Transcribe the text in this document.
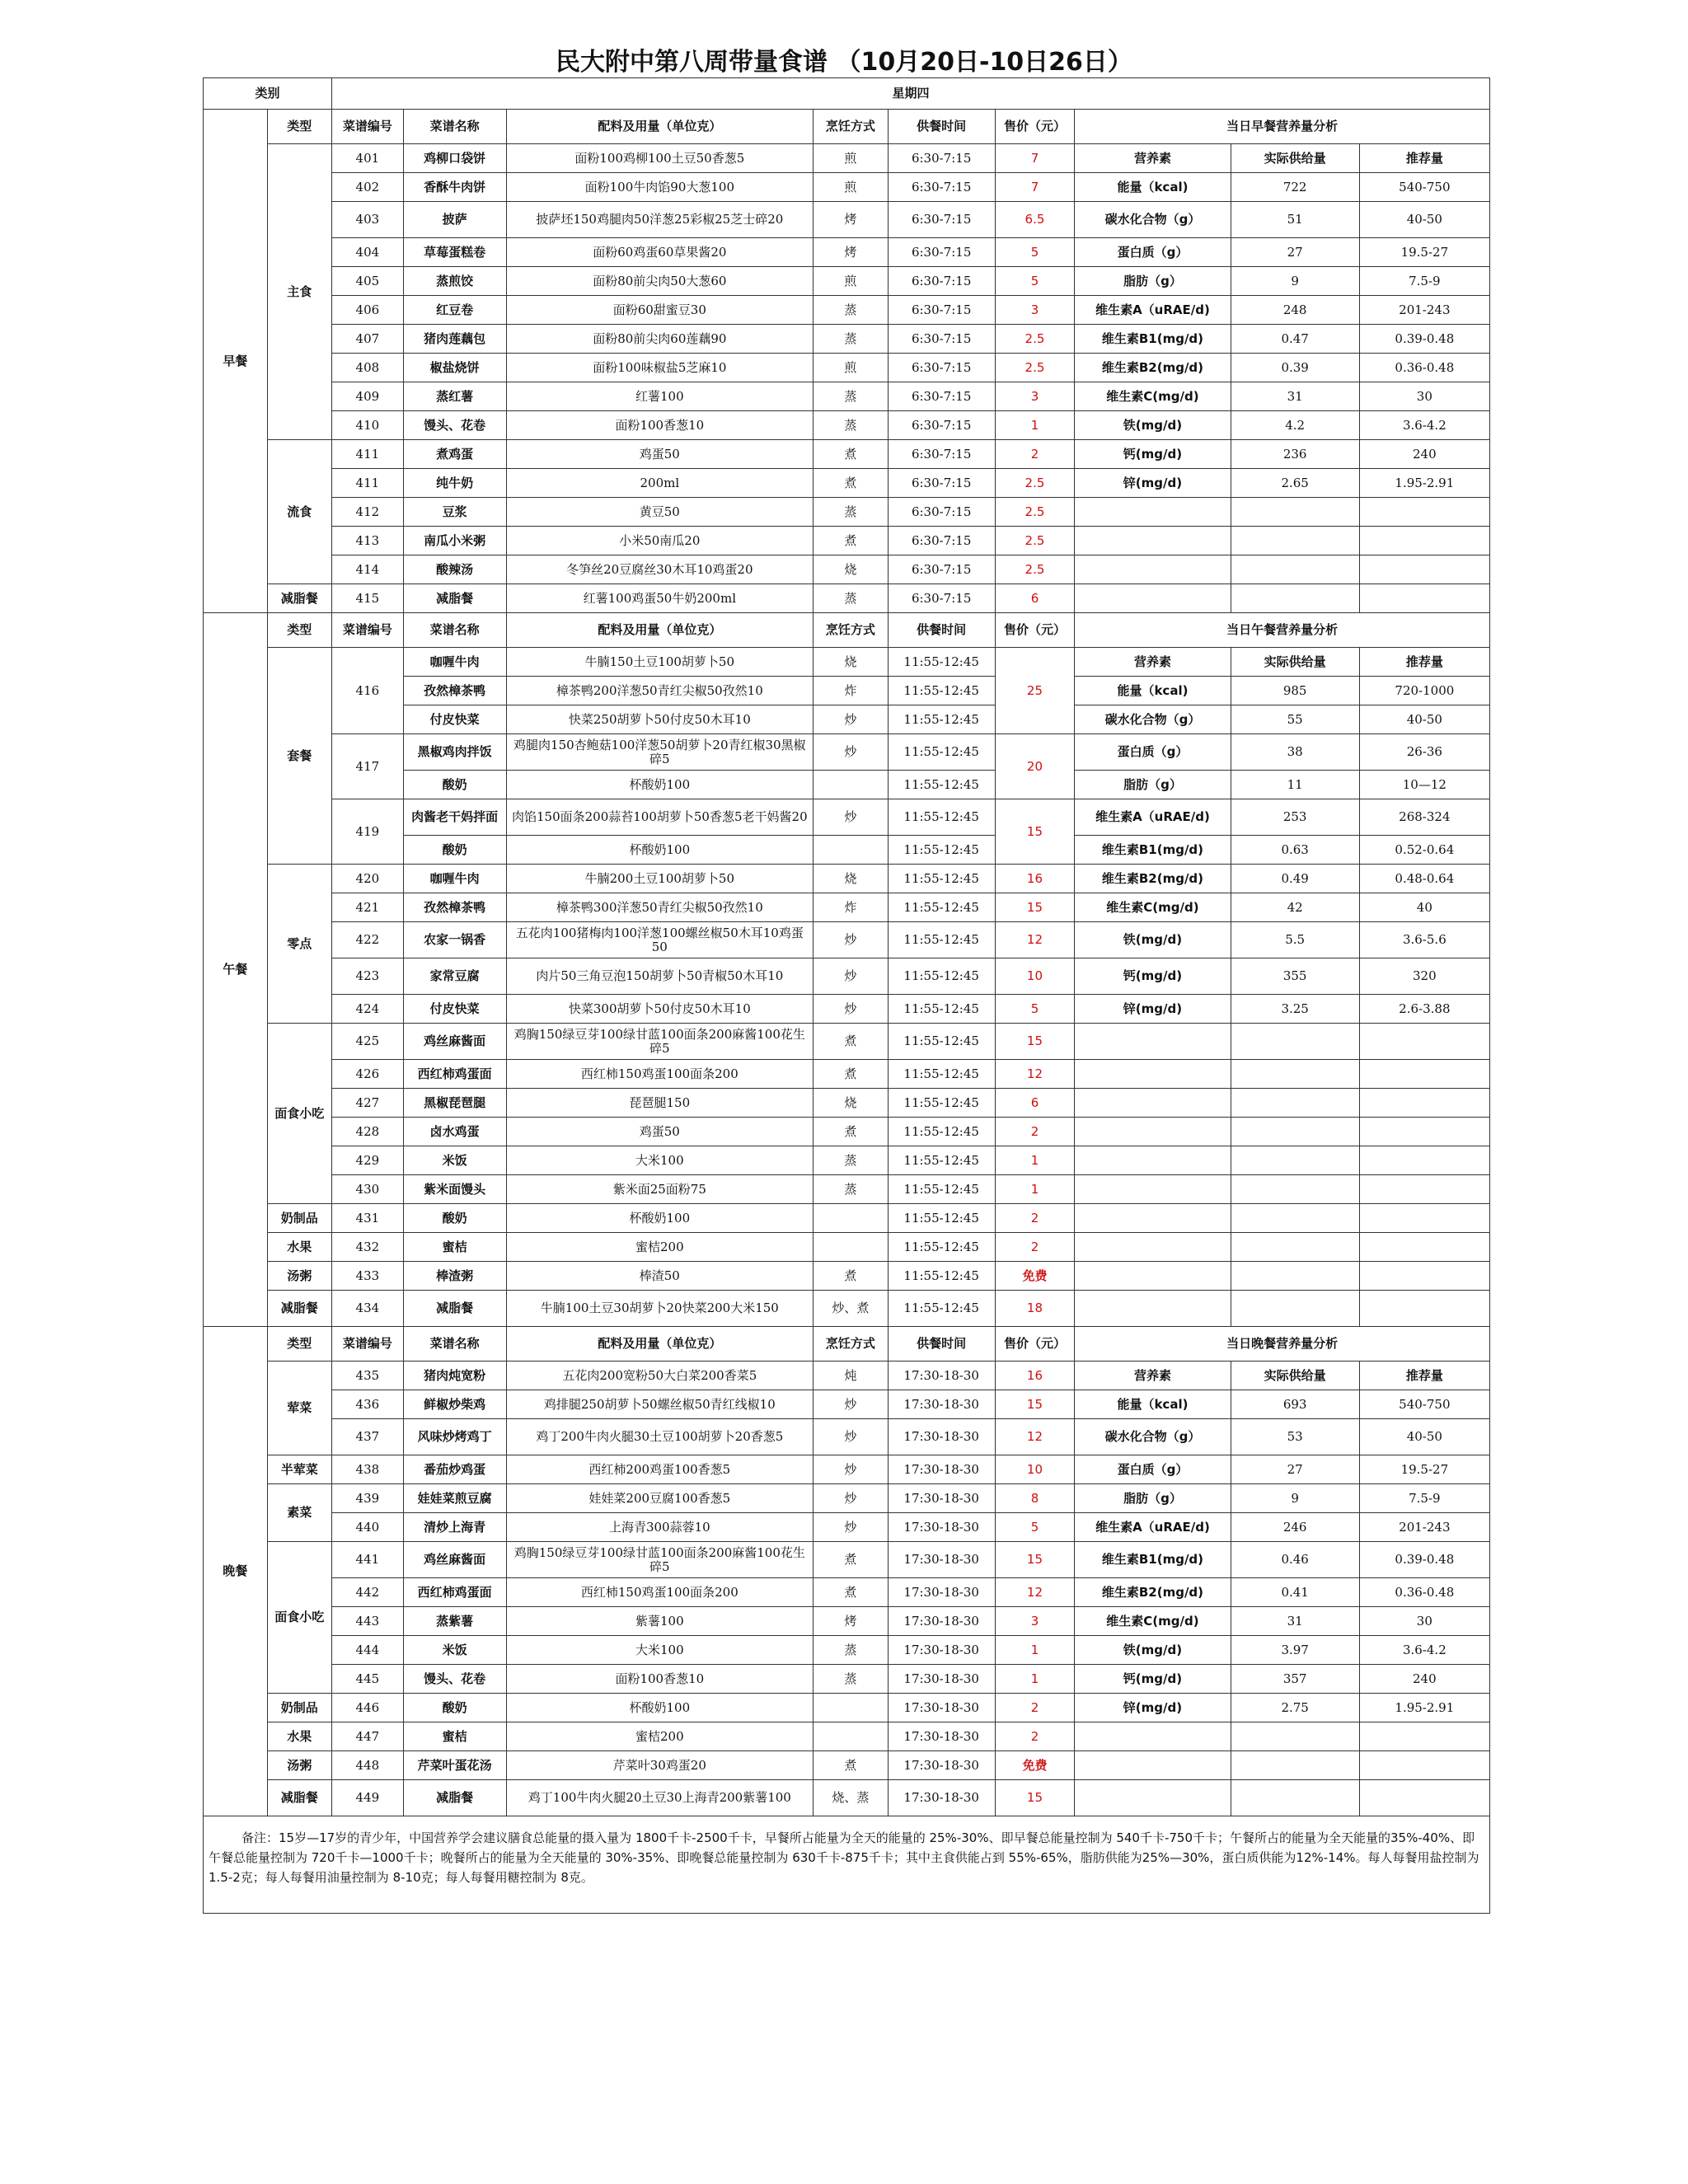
民大附中第八周带量食谱 （10月20日-10日26日）
类别		星期四								
早餐	类型	菜谱编号	菜谱名称	配料及用量（单位克）	烹饪方式	供餐时间	售价（元）	当日早餐营养量分析		
	主食	401	鸡柳口袋饼	面粉100鸡柳100土豆50香葱5	煎	6:30-7:15	7	营养素	实际供给量	推荐量
		402	香酥牛肉饼	面粉100牛肉馅90大葱100	煎	6:30-7:15	7	能量（kcal)	722	540-750
		403	披萨	披萨坯150鸡腿肉50洋葱25彩椒25芝士碎20	烤	6:30-7:15	6.5	碳水化合物（g）	51	40-50
		404	草莓蛋糕卷	面粉60鸡蛋60草果酱20	烤	6:30-7:15	5	蛋白质（g）	27	19.5-27
		405	蒸煎饺	面粉80前尖肉50大葱60	煎	6:30-7:15	5	脂肪（g）	9	7.5-9
		406	红豆卷	面粉60甜蜜豆30	蒸	6:30-7:15	3	维生素A（uRAE/d)	248	201-243
		407	猪肉莲藕包	面粉80前尖肉60莲藕90	蒸	6:30-7:15	2.5	维生素B1(mg/d)	0.47	0.39-0.48
		408	椒盐烧饼	面粉100味椒盐5芝麻10	煎	6:30-7:15	2.5	维生素B2(mg/d)	0.39	0.36-0.48
		409	蒸红薯	红薯100	蒸	6:30-7:15	3	维生素C(mg/d)	31	30
		410	馒头、花卷	面粉100香葱10	蒸	6:30-7:15	1	铁(mg/d)	4.2	3.6-4.2
	流食	411	煮鸡蛋	鸡蛋50	煮	6:30-7:15	2	钙(mg/d)	236	240
		411	纯牛奶	200ml	煮	6:30-7:15	2.5	锌(mg/d)	2.65	1.95-2.91
		412	豆浆	黄豆50	蒸	6:30-7:15	2.5			
		413	南瓜小米粥	小米50南瓜20	煮	6:30-7:15	2.5			
		414	酸辣汤	冬笋丝20豆腐丝30木耳10鸡蛋20	烧	6:30-7:15	2.5			
	减脂餐	415	减脂餐	红薯100鸡蛋50牛奶200ml	蒸	6:30-7:15	6			
午餐	类型	菜谱编号	菜谱名称	配料及用量（单位克）	烹饪方式	供餐时间	售价（元）	当日午餐营养量分析		
	套餐	416	咖喱牛肉	牛腩150土豆100胡萝卜50	烧	11:55-12:45	25	营养素	实际供给量	推荐量
			孜然樟茶鸭	樟茶鸭200洋葱50青红尖椒50孜然10	炸	11:55-12:45		能量（kcal)	985	720-1000
			付皮快菜	快菜250胡萝卜50付皮50木耳10	炒	11:55-12:45		碳水化合物（g）	55	40-50
		417	黑椒鸡肉拌饭	鸡腿肉150杏鲍菇100洋葱50胡萝卜20青红椒30黑椒碎5	炒	11:55-12:45	20	蛋白质（g）	38	26-36
			酸奶	杯酸奶100		11:55-12:45		脂肪（g）	11	10—12
		419	肉酱老干妈拌面	肉馅150面条200蒜苔100胡萝卜50香葱5老干妈酱20	炒	11:55-12:45	15	维生素A（uRAE/d)	253	268-324
			酸奶	杯酸奶100		11:55-12:45		维生素B1(mg/d)	0.63	0.52-0.64
	零点	420	咖喱牛肉	牛腩200土豆100胡萝卜50	烧	11:55-12:45	16	维生素B2(mg/d)	0.49	0.48-0.64
		421	孜然樟茶鸭	樟茶鸭300洋葱50青红尖椒50孜然10	炸	11:55-12:45	15	维生素C(mg/d)	42	40
		422	农家一锅香	五花肉100猪梅肉100洋葱100螺丝椒50木耳10鸡蛋50	炒	11:55-12:45	12	铁(mg/d)	5.5	3.6-5.6
		423	家常豆腐	肉片50三角豆泡150胡萝卜50青椒50木耳10	炒	11:55-12:45	10	钙(mg/d)	355	320
		424	付皮快菜	快菜300胡萝卜50付皮50木耳10	炒	11:55-12:45	5	锌(mg/d)	3.25	2.6-3.88
	面食小吃	425	鸡丝麻酱面	鸡胸150绿豆芽100绿甘蓝100面条200麻酱100花生碎5	煮	11:55-12:45	15			
		426	西红柿鸡蛋面	西红柿150鸡蛋100面条200	煮	11:55-12:45	12			
		427	黑椒琵琶腿	琵琶腿150	烧	11:55-12:45	6			
		428	卤水鸡蛋	鸡蛋50	煮	11:55-12:45	2			
		429	米饭	大米100	蒸	11:55-12:45	1			
		430	紫米面馒头	紫米面25面粉75	蒸	11:55-12:45	1			
	奶制品	431	酸奶	杯酸奶100		11:55-12:45	2			
	水果	432	蜜桔	蜜桔200		11:55-12:45	2			
	汤粥	433	棒渣粥	棒渣50	煮	11:55-12:45	免费			
	减脂餐	434	减脂餐	牛腩100土豆30胡萝卜20快菜200大米150	炒、煮	11:55-12:45	18			
晚餐	类型	菜谱编号	菜谱名称	配料及用量（单位克）	烹饪方式	供餐时间	售价（元）	当日晚餐营养量分析		
	荤菜	435	猪肉炖宽粉	五花肉200宽粉50大白菜200香菜5	炖	17:30-18-30	16	营养素	实际供给量	推荐量
		436	鲜椒炒柴鸡	鸡排腿250胡萝卜50螺丝椒50青红线椒10	炒	17:30-18-30	15	能量（kcal)	693	540-750
		437	风味炒烤鸡丁	鸡丁200牛肉火腿30土豆100胡萝卜20香葱5	炒	17:30-18-30	12	碳水化合物（g）	53	40-50
	半荤菜	438	番茄炒鸡蛋	西红柿200鸡蛋100香葱5	炒	17:30-18-30	10	蛋白质（g）	27	19.5-27
	素菜	439	娃娃菜煎豆腐	娃娃菜200豆腐100香葱5	炒	17:30-18-30	8	脂肪（g）	9	7.5-9
		440	清炒上海青	上海青300蒜蓉10	炒	17:30-18-30	5	维生素A（uRAE/d)	246	201-243
	面食小吃	441	鸡丝麻酱面	鸡胸150绿豆芽100绿甘蓝100面条200麻酱100花生碎5	煮	17:30-18-30	15	维生素B1(mg/d)	0.46	0.39-0.48
		442	西红柿鸡蛋面	西红柿150鸡蛋100面条200	煮	17:30-18-30	12	维生素B2(mg/d)	0.41	0.36-0.48
		443	蒸紫薯	紫薯100	烤	17:30-18-30	3	维生素C(mg/d)	31	30
		444	米饭	大米100	蒸	17:30-18-30	1	铁(mg/d)	3.97	3.6-4.2
		445	馒头、花卷	面粉100香葱10	蒸	17:30-18-30	1	钙(mg/d)	357	240
	奶制品	446	酸奶	杯酸奶100		17:30-18-30	2	锌(mg/d)	2.75	1.95-2.91
	水果	447	蜜桔	蜜桔200		17:30-18-30	2			
	汤粥	448	芹菜叶蛋花汤	芹菜叶30鸡蛋20	煮	17:30-18-30	免费			
	减脂餐	449	减脂餐	鸡丁100牛肉火腿20土豆30上海青200紫薯100	烧、蒸	17:30-18-30	15			
备注：15岁—17岁的青少年，中国营养学会建议膳食总能量的摄入量为 1800千卡-2500千卡，早餐所占能量为全天的能量的 25%-30%、即早餐总能量控制为 540千卡-750千卡；午餐所占的能量为全天能量的35%-40%、即午餐总能量控制为 720千卡—1000千卡；晚餐所占的能量为全天能量的 30%-35%、即晚餐总能量控制为 630千卡-875千卡；其中主食供能占到 55%-65%，脂肪供能为25%—30%，蛋白质供能为12%-14%。每人每餐用盐控制为 1.5-2克；每人每餐用油量控制为 8-10克；每人每餐用糖控制为 8克。
